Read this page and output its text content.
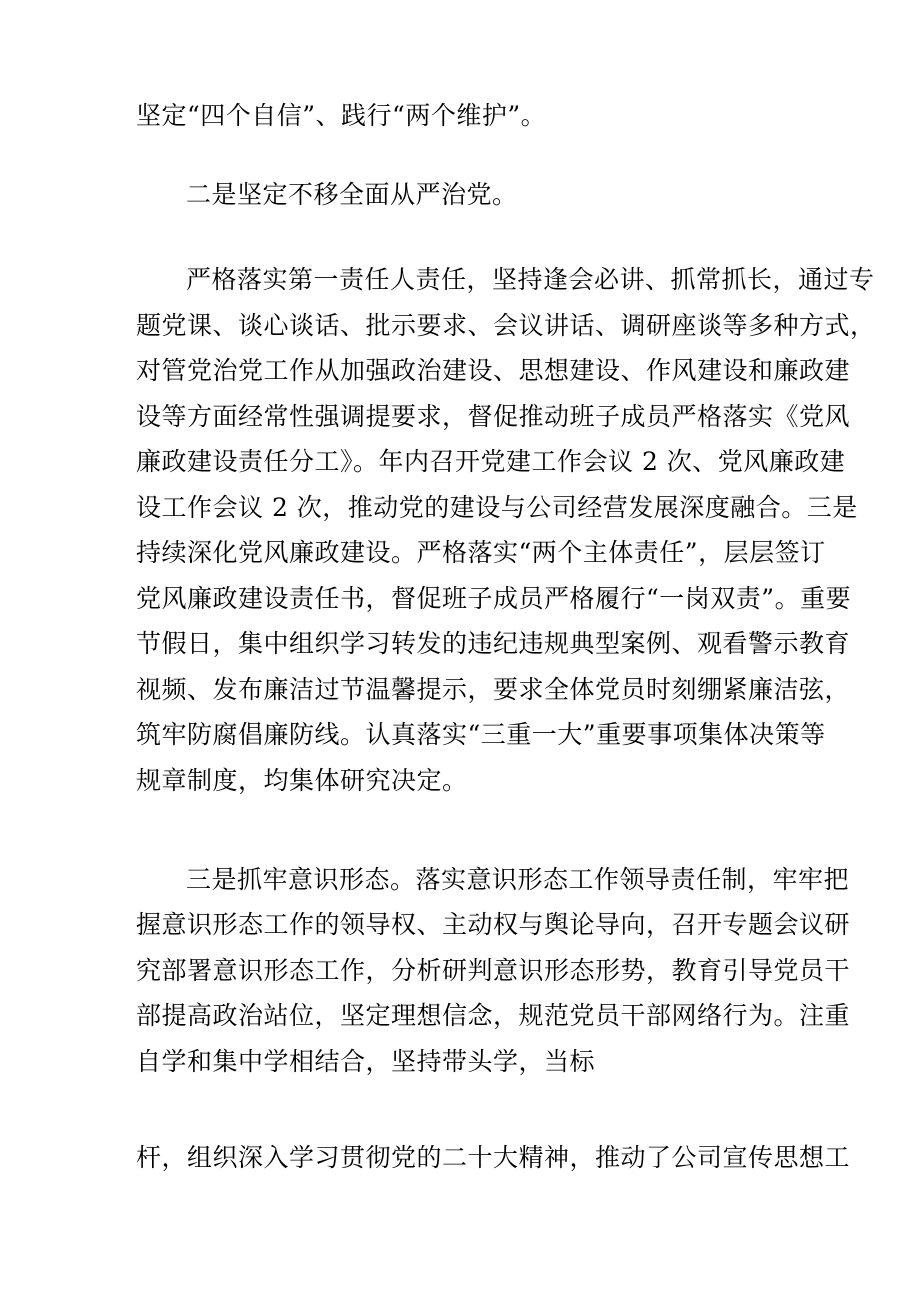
坚定“四个自信”、践行“两个维护”。
二是坚定不移全面从严治党。
严格落实第一责任人责任，坚持逢会必讲、抓常抓长，通过专
题党课、谈心谈话、批示要求、会议讲话、调研座谈等多种方式，
对管党治党工作从加强政治建设、思想建设、作风建设和廉政建
设等方面经常性强调提要求，督促推动班子成员严格落实《党风
廉政建设责任分工》。年内召开党建工作会议 2 次、党风廉政建
设工作会议 2 次，推动党的建设与公司经营发展深度融合。三是
持续深化党风廉政建设。严格落实“两个主体责任”，层层签订
党风廉政建设责任书，督促班子成员严格履行“一岗双责”。重要
节假日，集中组织学习转发的违纪违规典型案例、观看警示教育
视频、发布廉洁过节温馨提示，要求全体党员时刻绷紧廉洁弦，
筑牢防腐倡廉防线。认真落实“三重一大”重要事项集体决策等
规章制度，均集体研究决定。
三是抓牢意识形态。落实意识形态工作领导责任制，牢牢把
握意识形态工作的领导权、主动权与舆论导向，召开专题会议研
究部署意识形态工作，分析研判意识形态形势，教育引导党员干
部提高政治站位，坚定理想信念，规范党员干部网络行为。注重
自学和集中学相结合，坚持带头学，当标
杆，组织深入学习贯彻党的二十大精神，推动了公司宣传思想工
